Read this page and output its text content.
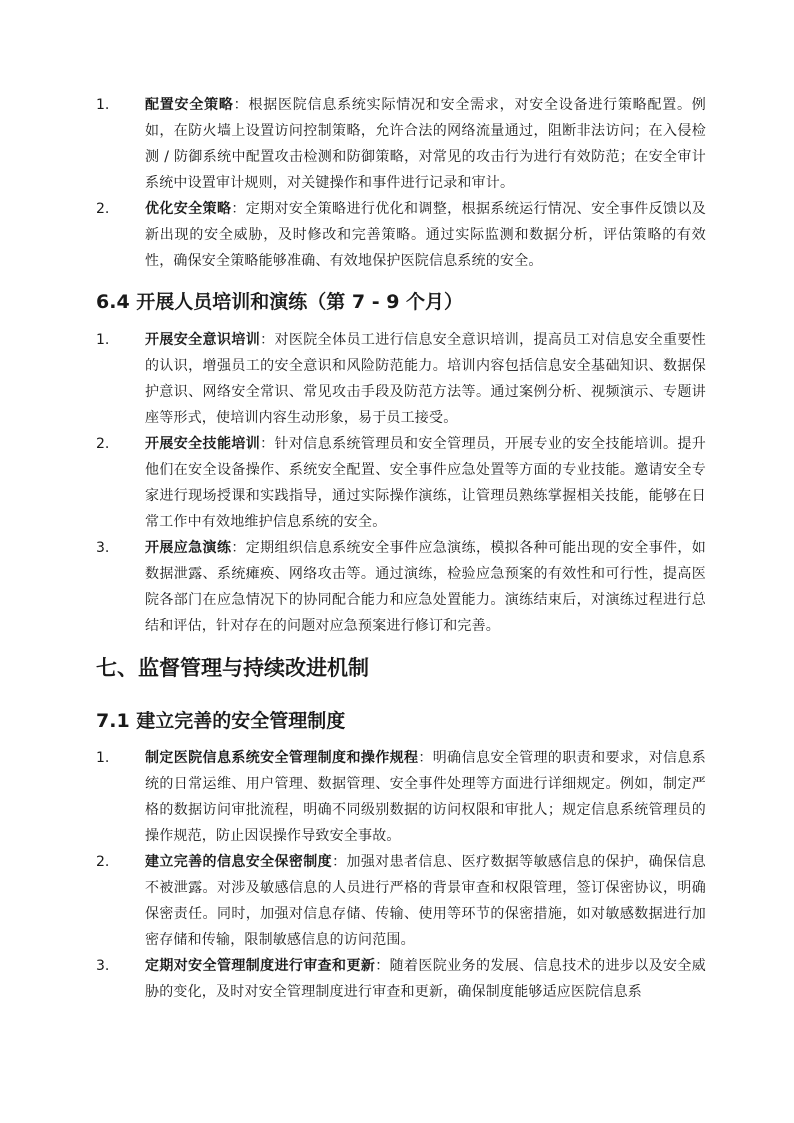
1.	配置安全策略：根据医院信息系统实际情况和安全需求，对安全设备进行策略配置。例如，在防火墙上设置访问控制策略，允许合法的网络流量通过，阻断非法访问；在入侵检测 / 防御系统中配置攻击检测和防御策略，对常见的攻击行为进行有效防范；在安全审计系统中设置审计规则，对关键操作和事件进行记录和审计。
2.	优化安全策略：定期对安全策略进行优化和调整，根据系统运行情况、安全事件反馈以及新出现的安全威胁，及时修改和完善策略。通过实际监测和数据分析，评估策略的有效性，确保安全策略能够准确、有效地保护医院信息系统的安全。
6.4 开展人员培训和演练（第 7 - 9 个月）
1.	开展安全意识培训：对医院全体员工进行信息安全意识培训，提高员工对信息安全重要性的认识，增强员工的安全意识和风险防范能力。培训内容包括信息安全基础知识、数据保护意识、网络安全常识、常见攻击手段及防范方法等。通过案例分析、视频演示、专题讲座等形式，使培训内容生动形象，易于员工接受。
2.	开展安全技能培训：针对信息系统管理员和安全管理员，开展专业的安全技能培训。提升他们在安全设备操作、系统安全配置、安全事件应急处置等方面的专业技能。邀请安全专家进行现场授课和实践指导，通过实际操作演练，让管理员熟练掌握相关技能，能够在日常工作中有效地维护信息系统的安全。
3.	开展应急演练：定期组织信息系统安全事件应急演练，模拟各种可能出现的安全事件，如数据泄露、系统瘫痪、网络攻击等。通过演练，检验应急预案的有效性和可行性，提高医院各部门在应急情况下的协同配合能力和应急处置能力。演练结束后，对演练过程进行总结和评估，针对存在的问题对应急预案进行修订和完善。
七、监督管理与持续改进机制
7.1 建立完善的安全管理制度
1.	制定医院信息系统安全管理制度和操作规程：明确信息安全管理的职责和要求，对信息系统的日常运维、用户管理、数据管理、安全事件处理等方面进行详细规定。例如，制定严格的数据访问审批流程，明确不同级别数据的访问权限和审批人；规定信息系统管理员的操作规范，防止因误操作导致安全事故。
2.	建立完善的信息安全保密制度：加强对患者信息、医疗数据等敏感信息的保护，确保信息不被泄露。对涉及敏感信息的人员进行严格的背景审查和权限管理，签订保密协议，明确保密责任。同时，加强对信息存储、传输、使用等环节的保密措施，如对敏感数据进行加密存储和传输，限制敏感信息的访问范围。
3.	定期对安全管理制度进行审查和更新：随着医院业务的发展、信息技术的进步以及安全威胁的变化，及时对安全管理制度进行审查和更新，确保制度能够适应医院信息系
